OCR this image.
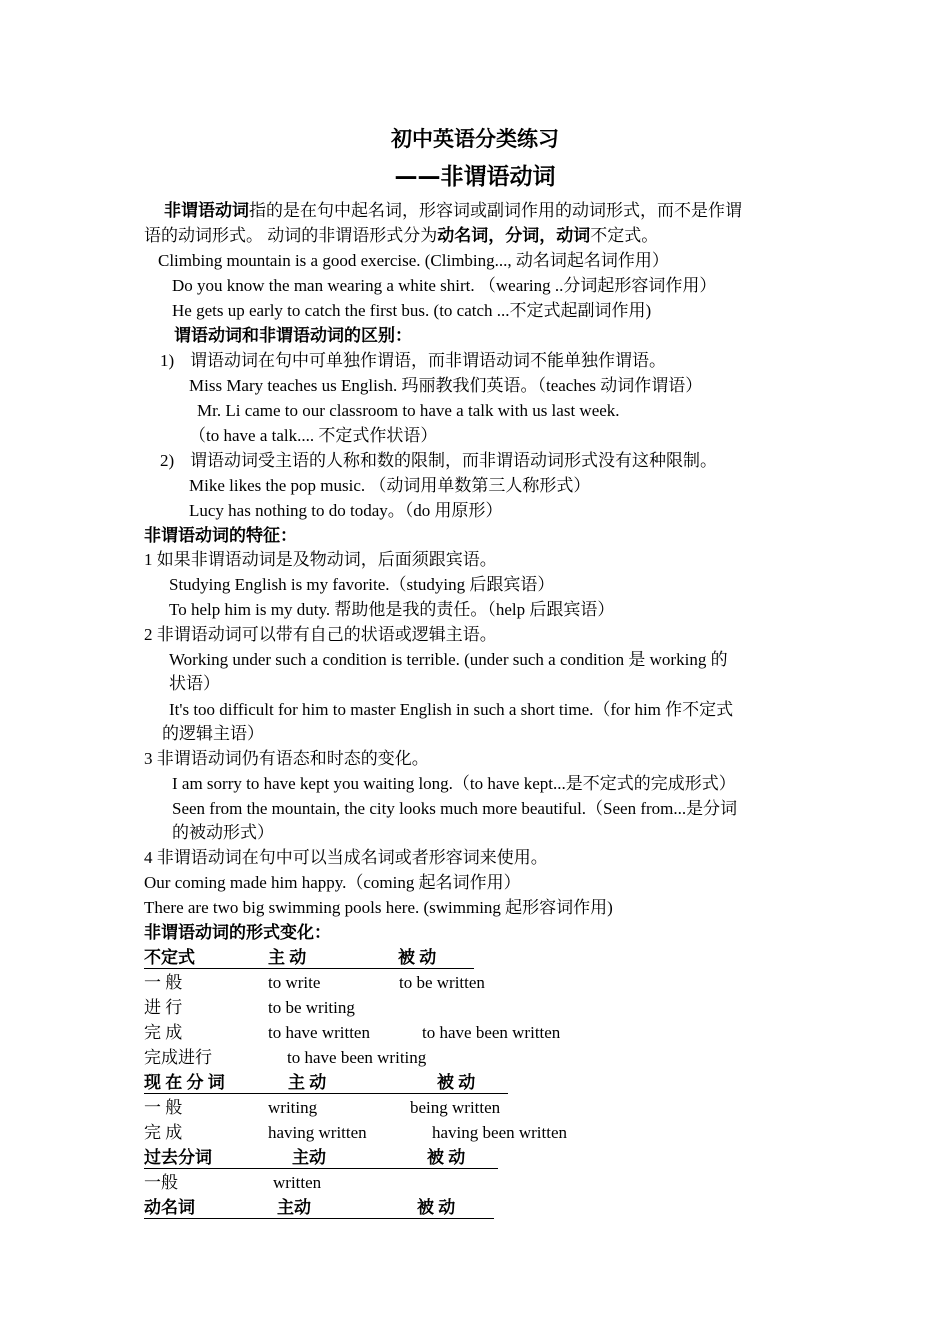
初中英语分类练习
——非谓语动词
非谓语动词指的是在句中起名词，形容词或副词作用的动词形式，而不是作谓
语的动词形式。 动词的非谓语形式分为动名词，分词，动词不定式。
Climbing mountain is a good exercise. (Climbing..., 动名词起名词作用）
Do you know the man wearing a white shirt. （wearing ..分词起形容词作用）
He gets up early to catch the first bus. (to catch ...不定式起副词作用)
谓语动词和非谓语动词的区别：
1) 谓语动词在句中可单独作谓语，而非谓语动词不能单独作谓语。
Miss Mary teaches us English. 玛丽教我们英语。（teaches 动词作谓语）
Mr. Li came to our classroom to have a talk with us last week.
（to have a talk.... 不定式作状语）
2) 谓语动词受主语的人称和数的限制，而非谓语动词形式没有这种限制。
Mike likes the pop music. （动词用单数第三人称形式）
Lucy has nothing to do today。（do 用原形）
非谓语动词的特征：
1 如果非谓语动词是及物动词，后面须跟宾语。
Studying English is my favorite.（studying 后跟宾语）
To help him is my duty. 帮助他是我的责任。（help 后跟宾语）
2 非谓语动词可以带有自己的状语或逻辑主语。
Working under such a condition is terrible. (under such a condition 是 working 的
状语）
It's too difficult for him to master English in such a short time.（for him 作不定式
的逻辑主语）
3 非谓语动词仍有语态和时态的变化。
I am sorry to have kept you waiting long.（to have kept...是不定式的完成形式）
Seen from the mountain, the city looks much more beautiful.（Seen from...是分词
的被动形式）
4 非谓语动词在句中可以当成名词或者形容词来使用。
Our coming made him happy.（coming 起名词作用）
There are two big swimming pools here. (swimming 起形容词作用)
非谓语动词的形式变化：
不定式	主 动	被 动
一 般	to write	to be written
进 行	to be writing
完 成	to have written	to have been written
完成进行	to have been writing
现 在 分 词	主 动	被 动
一 般	writing	being written
完 成	having written	having been written
过去分词	主动	被 动
一般	written
动名词	主动	被 动
